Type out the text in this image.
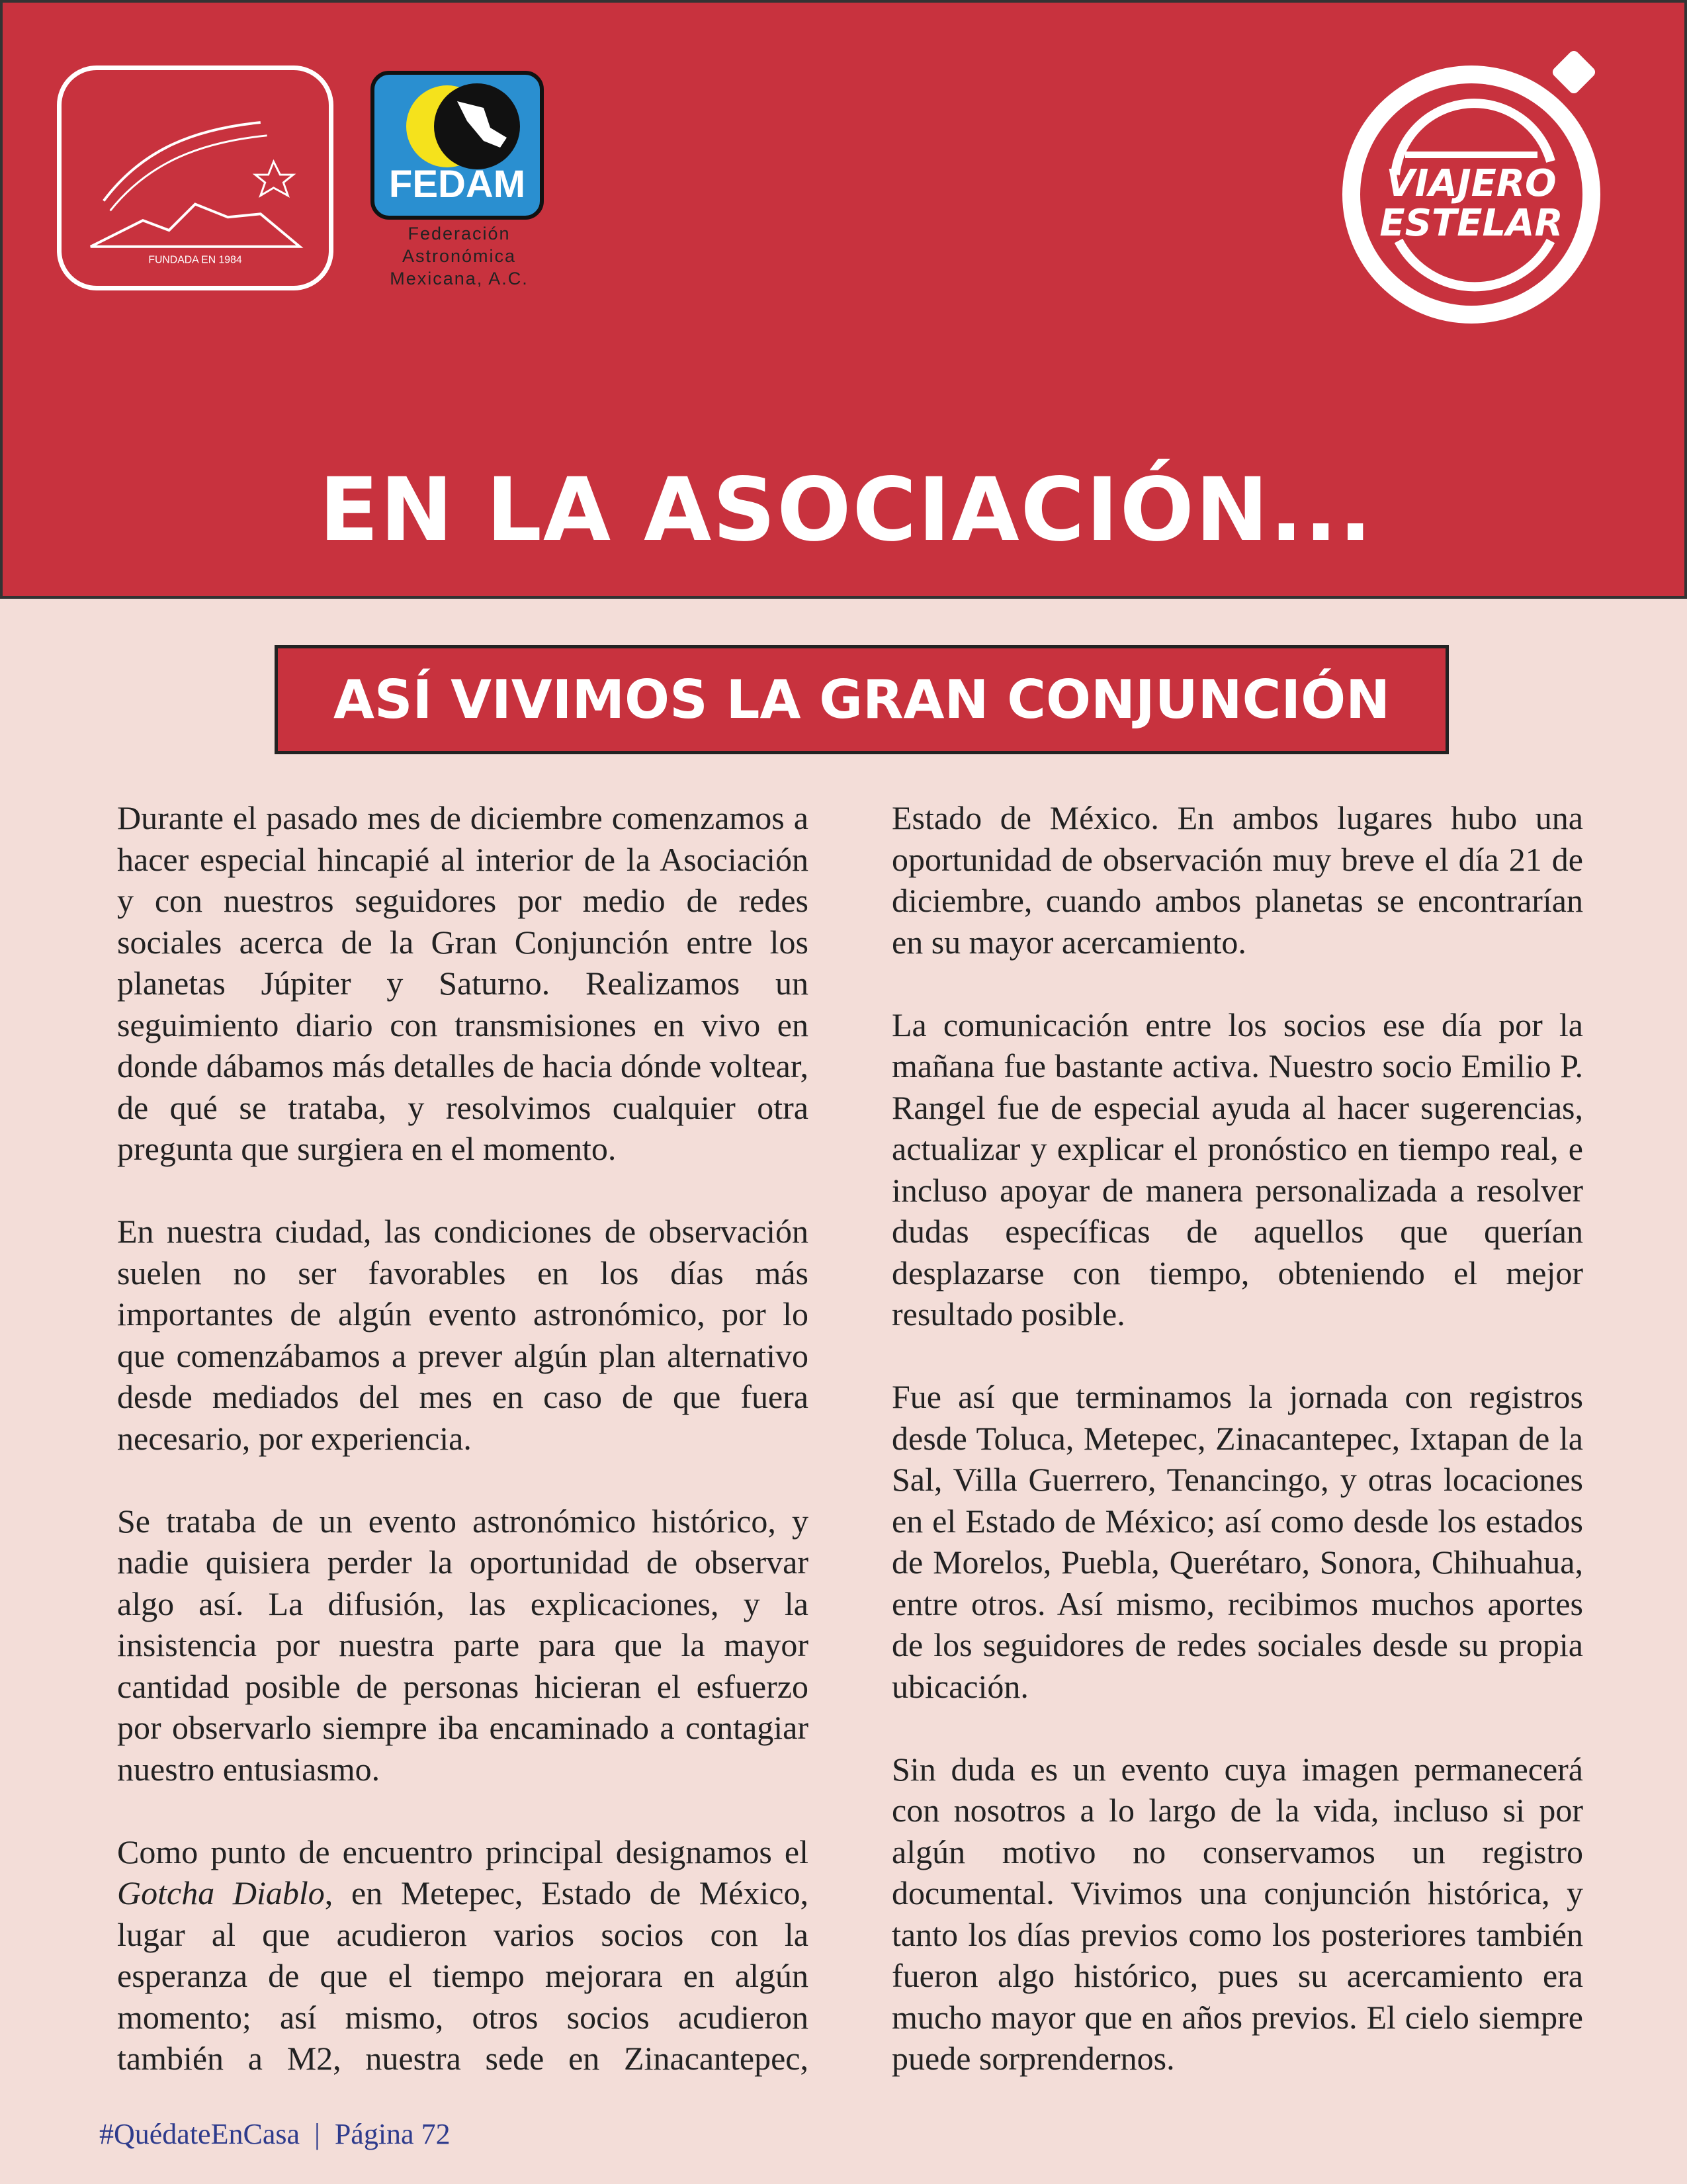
FUNDADA EN 1984
FEDAM
Federación
Astronómica
Mexicana, A.C.
VIAJERO
ESTELAR
EN LA ASOCIACIÓN...
ASÍ VIVIMOS LA GRAN CONJUNCIÓN

Durante el pasado mes de diciembre comenzamos a hacer especial hincapié al interior de la Asociación y con nuestros seguidores por medio de redes sociales acerca de la Gran Conjunción entre los planetas Júpiter y Saturno. Realizamos un seguimiento diario con transmisiones en vivo en donde dábamos más detalles de hacia dónde voltear, de qué se trataba, y resolvimos cualquier otra pregunta que surgiera en el momento.

En nuestra ciudad, las condiciones de observación suelen no ser favorables en los días más importantes de algún evento astronómico, por lo que comenzábamos a prever algún plan alternativo desde mediados del mes en caso de que fuera necesario, por experiencia.

Se trataba de un evento astronómico histórico, y nadie quisiera perder la oportunidad de observar algo así. La difusión, las explicaciones, y la insistencia por nuestra parte para que la mayor cantidad posible de personas hicieran el esfuerzo por observarlo siempre iba encaminado a contagiar nuestro entusiasmo.

Como punto de encuentro principal designamos el Gotcha Diablo, en Metepec, Estado de México, lugar al que acudieron varios socios con la esperanza de que el tiempo mejorara en algún momento; así mismo, otros socios acudieron también a M2, nuestra sede en Zinacantepec,

Estado de México. En ambos lugares hubo una oportunidad de observación muy breve el día 21 de diciembre, cuando ambos planetas se encontrarían en su mayor acercamiento.

La comunicación entre los socios ese día por la mañana fue bastante activa. Nuestro socio Emilio P. Rangel fue de especial ayuda al hacer sugerencias, actualizar y explicar el pronóstico en tiempo real, e incluso apoyar de manera personalizada a resolver dudas específicas de aquellos que querían desplazarse con tiempo, obteniendo el mejor resultado posible.

Fue así que terminamos la jornada con registros desde Toluca, Metepec, Zinacantepec, Ixtapan de la Sal, Villa Guerrero, Tenancingo, y otras locaciones en el Estado de México; así como desde los estados de Morelos, Puebla, Querétaro, Sonora, Chihuahua, entre otros. Así mismo, recibimos muchos aportes de los seguidores de redes sociales desde su propia ubicación.

Sin duda es un evento cuya imagen permanecerá con nosotros a lo largo de la vida, incluso si por algún motivo no conservamos un registro documental. Vivimos una conjunción histórica, y tanto los días previos como los posteriores también fueron algo histórico, pues su acercamiento era mucho mayor que en años previos. El cielo siempre puede sorprendernos.

#QuédateEnCasa | Página 72
